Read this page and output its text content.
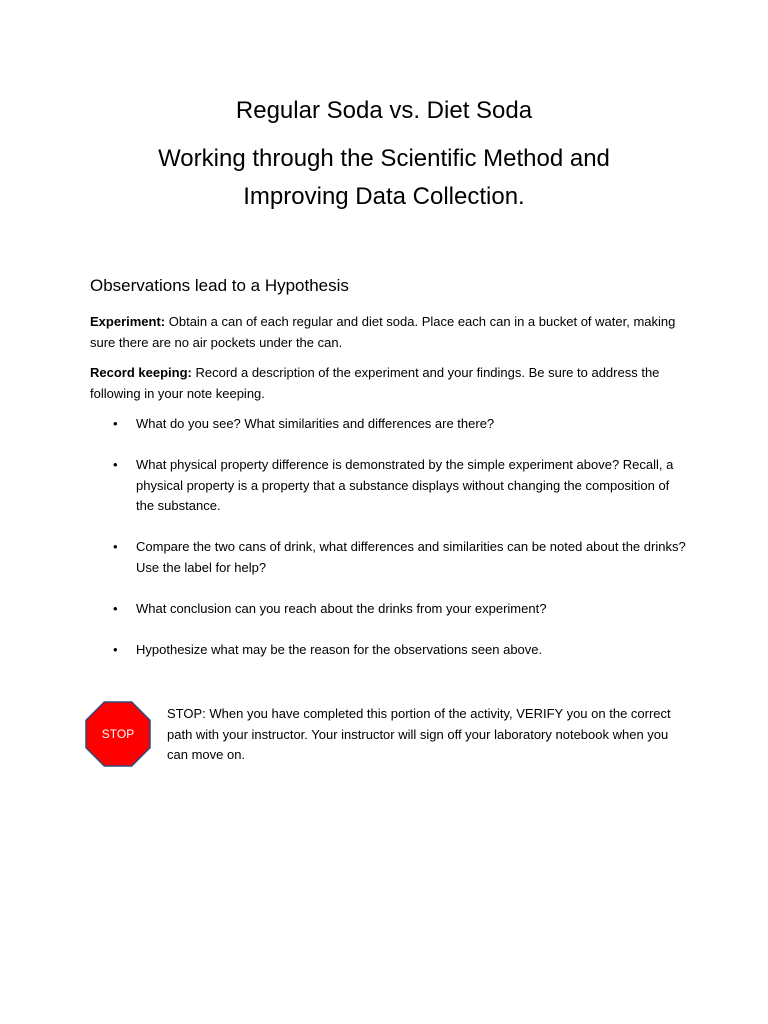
Regular Soda vs. Diet Soda
Working through the Scientific Method and
Improving Data Collection.
Observations lead to a Hypothesis

Experiment: Obtain a can of each regular and diet soda. Place each can in a bucket of water, making sure there are no air pockets under the can.

Record keeping: Record a description of the experiment and your findings. Be sure to address the following in your note keeping.

• What do you see? What similarities and differences are there?
• What physical property difference is demonstrated by the simple experiment above? Recall, a physical property is a property that a substance displays without changing the composition of the substance.
• Compare the two cans of drink, what differences and similarities can be noted about the drinks? Use the label for help?
• What conclusion can you reach about the drinks from your experiment?
• Hypothesize what may be the reason for the observations seen above.
STOP

STOP: When you have completed this portion of the activity, VERIFY you on the correct path with your instructor. Your instructor will sign off your laboratory notebook when you can move on.
